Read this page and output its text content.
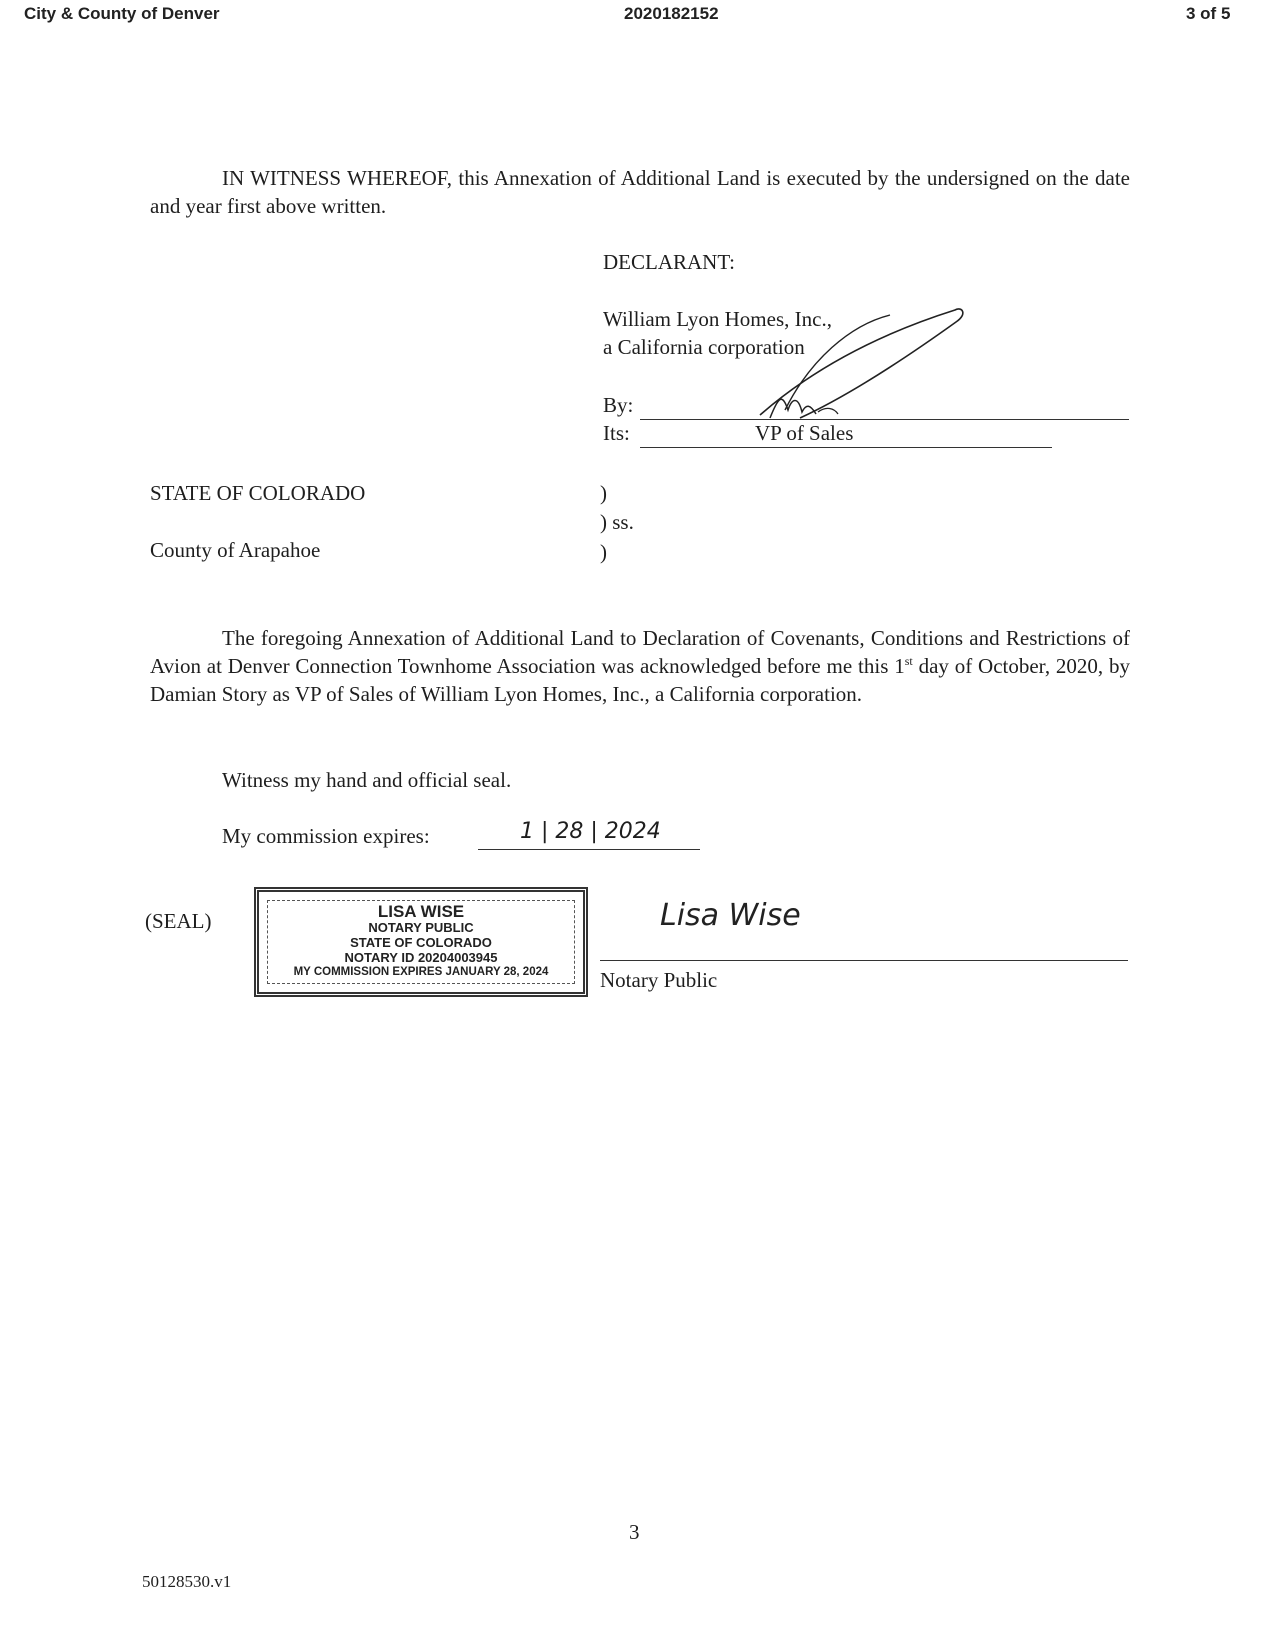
City & County of Denver	2020182152	3 of 5
IN WITNESS WHEREOF, this Annexation of Additional Land is executed by the undersigned on the date and year first above written.
DECLARANT:
William Lyon Homes, Inc.,
a California corporation
By:
Its:	VP of Sales
STATE OF COLORADO	)
) ss.
County of Arapahoe	)
The foregoing Annexation of Additional Land to Declaration of Covenants, Conditions and Restrictions of Avion at Denver Connection Townhome Association was acknowledged before me this 1st day of October, 2020, by Damian Story as VP of Sales of William Lyon Homes, Inc., a California corporation.
Witness my hand and official seal.
My commission expires:	1 | 28 | 2024
(SEAL)	LISA WISE
NOTARY PUBLIC
STATE OF COLORADO
NOTARY ID 20204003945
MY COMMISSION EXPIRES JANUARY 28, 2024
Lisa Wise
Notary Public
3
50128530.v1
